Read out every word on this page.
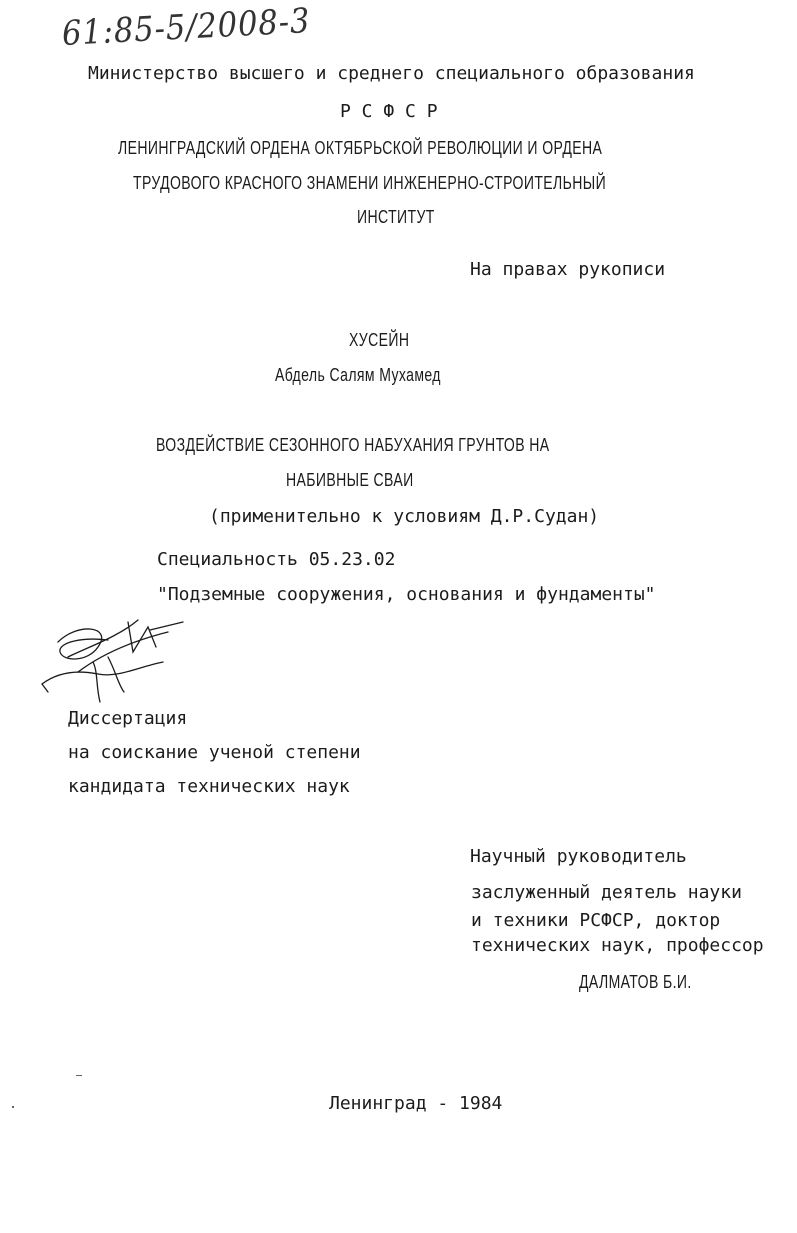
61:85-5/2008-3

Министерство высшего и среднего специального образования

Р С Ф С Р

ЛЕНИНГРАДСКИЙ ОРДЕНА ОКТЯБРЬСКОЙ РЕВОЛЮЦИИ И ОРДЕНА

ТРУДОВОГО КРАСНОГО ЗНАМЕНИ ИНЖЕНЕРНО-СТРОИТЕЛЬНЫЙ

ИНСТИТУТ

На правах рукописи

ХУСЕЙН

Абдель Салям Мухамед

ВОЗДЕЙСТВИЕ СЕЗОННОГО НАБУХАНИЯ ГРУНТОВ НА

НАБИВНЫЕ СВАИ

(применительно к условиям Д.Р.Судан)

Специальность 05.23.02

"Подземные сооружения, основания и фундаменты"

Диссертация

на соискание ученой степени

кандидата технических наук

Научный руководитель

заслуженный деятель науки

и техники РСФСР, доктор

технических наук, профессор

ДАЛМАТОВ Б.И.

Ленинград - 1984
